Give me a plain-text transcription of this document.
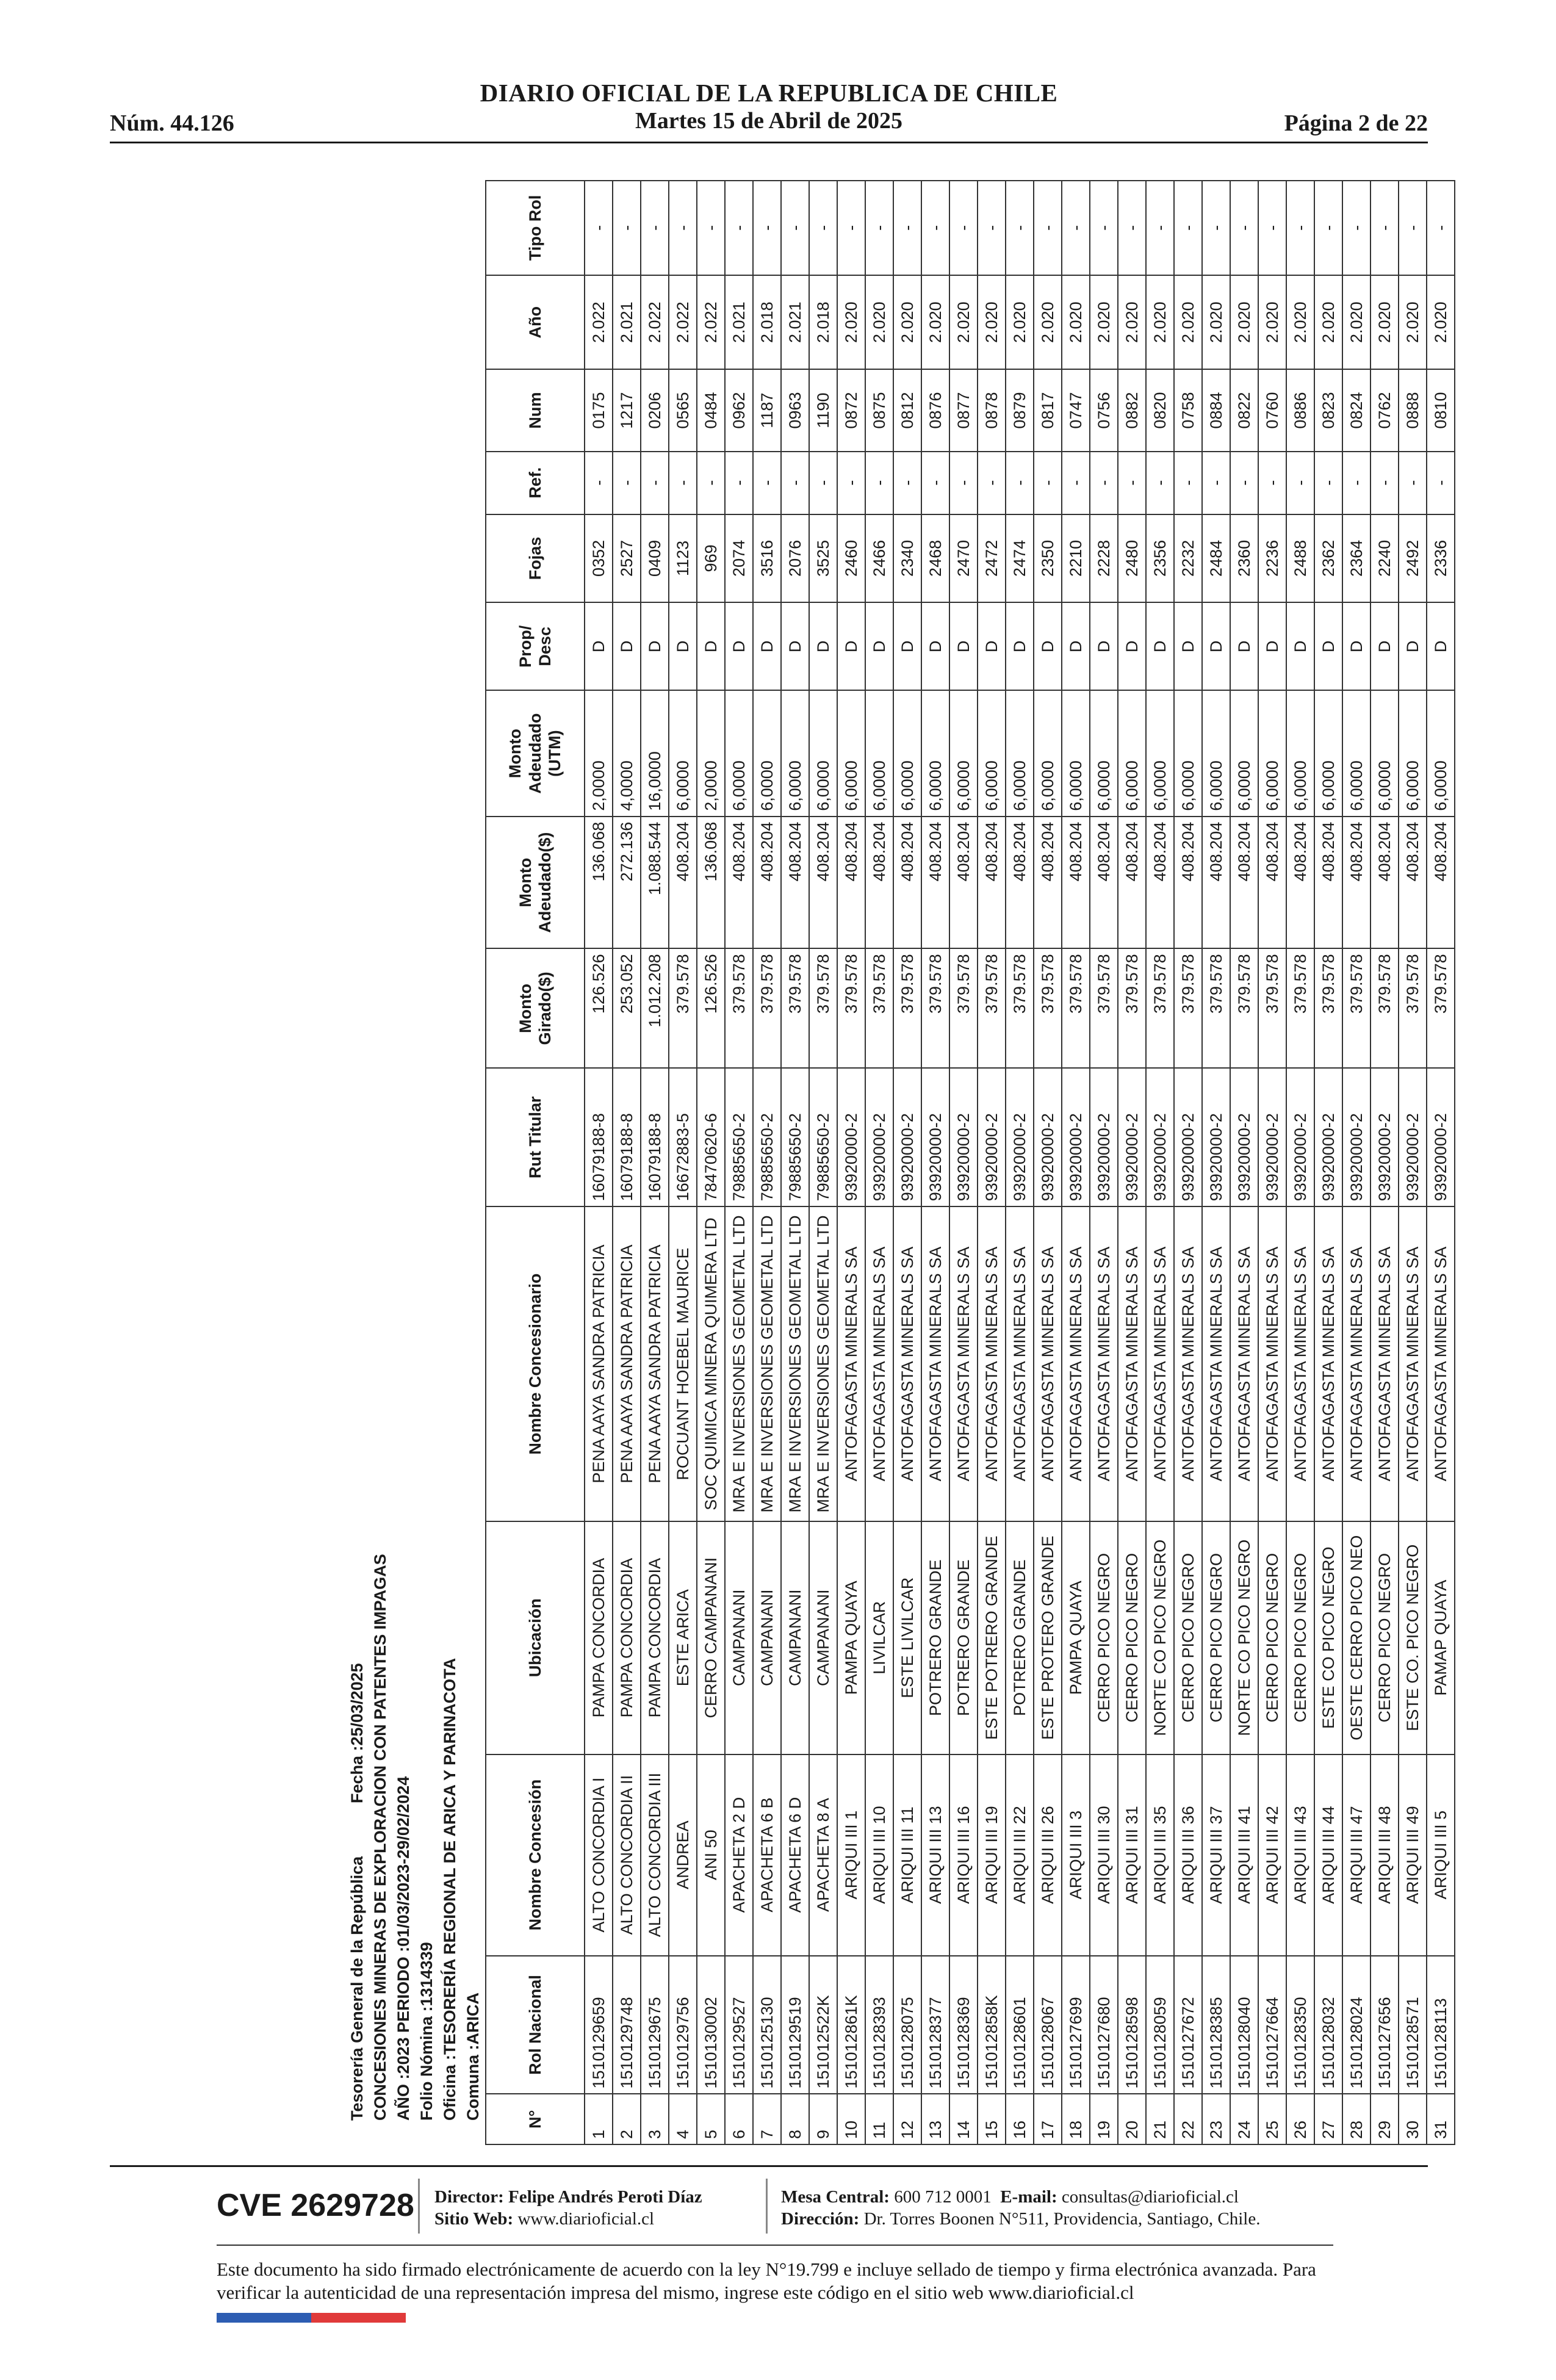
Núm. 44.126
DIARIO OFICIAL DE LA REPUBLICA DE CHILE
Martes 15 de Abril de 2025	Página 2 de 22
Tesorería General de la República
Fecha :25/03/2025 CONCESIONES MINERAS DE EXPLORACION CON PATENTES IMPAGAS AÑO :2023 PERIODO :01/03/2023-29/02/2024 Folio Nómina :1314339 Oficina :TESORERÍA REGIONAL DE ARICA Y PARINACOTA Comuna :ARICA	N°	Rol Nacional	Nombre Concesión	Ubicación	Nombre Concesionario	Rut Titular	Monto Girado($)	Monto Adeudado($)	Monto Adeudado (UTM)	Prop/ Desc	Fojas	Ref.	Num	Año	Tipo Rol
1	1510129659	ALTO CONCORDIA I	PAMPA CONCORDIA	PENA AAYA SANDRA PATRICIA	16079188-8	126.526	136.068	2,0000	D	0352	-	0175	2.022	-
2	1510129748	ALTO CONCORDIA II	PAMPA CONCORDIA	PENA AAYA SANDRA PATRICIA	16079188-8	253.052	272.136	4,0000	D	2527	-	1217	2.021	-
3	1510129675	ALTO CONCORDIA III	PAMPA CONCORDIA	PENA AAYA SANDRA PATRICIA	16079188-8	1.012.208	1.088.544	16,0000	D	0409	-	0206	2.022	-
4	1510129756	ANDREA	ESTE ARICA	ROCUANT HOEBEL MAURICE	16672883-5	379.578	408.204	6,0000	D	1123	-	0565	2.022	-
5	1510130002	ANI 50	CERRO CAMPANANI	SOC QUIMICA MINERA QUIMERA LTD	78470620-6	126.526	136.068	2,0000	D	969	-	0484	2.022	-
6	1510129527	APACHETA 2 D	CAMPANANI	MRA E INVERSIONES GEOMETAL LTD	79885650-2	379.578	408.204	6,0000	D	2074	-	0962	2.021	-
7	1510125130	APACHETA 6 B	CAMPANANI	MRA E INVERSIONES GEOMETAL LTD	79885650-2	379.578	408.204	6,0000	D	3516	-	1187	2.018	-
8	1510129519	APACHETA 6 D	CAMPANANI	MRA E INVERSIONES GEOMETAL LTD	79885650-2	379.578	408.204	6,0000	D	2076	-	0963	2.021	-
9	151012522K	APACHETA 8 A	CAMPANANI	MRA E INVERSIONES GEOMETAL LTD	79885650-2	379.578	408.204	6,0000	D	3525	-	1190	2.018	-
10	151012861K	ARIQUI III 1	PAMPA QUAYA	ANTOFAGASTA MINERALS SA	93920000-2	379.578	408.204	6,0000	D	2460	-	0872	2.020	-
11	1510128393	ARIQUI III 10	LIVILCAR	ANTOFAGASTA MINERALS SA	93920000-2	379.578	408.204	6,0000	D	2466	-	0875	2.020	-
12	1510128075	ARIQUI III 11	ESTE LIVILCAR	ANTOFAGASTA MINERALS SA	93920000-2	379.578	408.204	6,0000	D	2340	-	0812	2.020	-
13	1510128377	ARIQUI III 13	POTRERO GRANDE	ANTOFAGASTA MINERALS SA	93920000-2	379.578	408.204	6,0000	D	2468	-	0876	2.020	-
14	1510128369	ARIQUI III 16	POTRERO GRANDE	ANTOFAGASTA MINERALS SA	93920000-2	379.578	408.204	6,0000	D	2470	-	0877	2.020	-
15	151012858K	ARIQUI III 19	ESTE POTRERO GRANDE	ANTOFAGASTA MINERALS SA	93920000-2	379.578	408.204	6,0000	D	2472	-	0878	2.020	-
16	1510128601	ARIQUI III 22	POTRERO GRANDE	ANTOFAGASTA MINERALS SA	93920000-2	379.578	408.204	6,0000	D	2474	-	0879	2.020	-
17	1510128067	ARIQUI III 26	ESTE PROTERO GRANDE	ANTOFAGASTA MINERALS SA	93920000-2	379.578	408.204	6,0000	D	2350	-	0817	2.020	-
18	1510127699	ARIQUI III 3	PAMPA QUAYA	ANTOFAGASTA MINERALS SA	93920000-2	379.578	408.204	6,0000	D	2210	-	0747	2.020	-
19	1510127680	ARIQUI III 30	CERRO PICO NEGRO	ANTOFAGASTA MINERALS SA	93920000-2	379.578	408.204	6,0000	D	2228	-	0756	2.020	-
20	1510128598	ARIQUI III 31	CERRO PICO NEGRO	ANTOFAGASTA MINERALS SA	93920000-2	379.578	408.204	6,0000	D	2480	-	0882	2.020	-
21	1510128059	ARIQUI III 35	NORTE CO PICO NEGRO	ANTOFAGASTA MINERALS SA	93920000-2	379.578	408.204	6,0000	D	2356	-	0820	2.020	-
22	1510127672	ARIQUI III 36	CERRO PICO NEGRO	ANTOFAGASTA MINERALS SA	93920000-2	379.578	408.204	6,0000	D	2232	-	0758	2.020	-
23	1510128385	ARIQUI III 37	CERRO PICO NEGRO	ANTOFAGASTA MINERALS SA	93920000-2	379.578	408.204	6,0000	D	2484	-	0884	2.020	-
24	1510128040	ARIQUI III 41	NORTE CO PICO NEGRO	ANTOFAGASTA MINERALS SA	93920000-2	379.578	408.204	6,0000	D	2360	-	0822	2.020	-
25	1510127664	ARIQUI III 42	CERRO PICO NEGRO	ANTOFAGASTA MINERALS SA	93920000-2	379.578	408.204	6,0000	D	2236	-	0760	2.020	-
26	1510128350	ARIQUI III 43	CERRO PICO NEGRO	ANTOFAGASTA MINERALS SA	93920000-2	379.578	408.204	6,0000	D	2488	-	0886	2.020	-
27	1510128032	ARIQUI III 44	ESTE CO PICO NEGRO	ANTOFAGASTA MINERALS SA	93920000-2	379.578	408.204	6,0000	D	2362	-	0823	2.020	-
28	1510128024	ARIQUI III 47	OESTE CERRO PICO NEO	ANTOFAGASTA MINERALS SA	93920000-2	379.578	408.204	6,0000	D	2364	-	0824	2.020	-
29	1510127656	ARIQUI III 48	CERRO PICO NEGRO	ANTOFAGASTA MINERALS SA	93920000-2	379.578	408.204	6,0000	D	2240	-	0762	2.020	-
30	1510128571	ARIQUI III 49	ESTE CO. PICO NEGRO	ANTOFAGASTA MINERALS SA	93920000-2	379.578	408.204	6,0000	D	2492	-	0888	2.020	-
31	1510128113	ARIQUI III 5	PAMAP QUAYA	ANTOFAGASTA MINERALS SA	93920000-2	379.578	408.204	6,0000	D	2336	-	0810	2.020	-
CVE 2629728 Director: Felipe Andrés Peroti Díaz
Sitio Web: www.diarioficial.cl
Mesa Central: 600 712 0001 E-mail: consultas@diarioficial.cl
Dirección: Dr. Torres Boonen N°511, Providencia, Santiago, Chile.
Este documento ha sido firmado electrónicamente de acuerdo con la ley N°19.799 e incluye sellado de tiempo y firma electrónica avanzada. Para verificar la autenticidad de una representación impresa del mismo, ingrese este código en el sitio web www.diarioficial.cl
